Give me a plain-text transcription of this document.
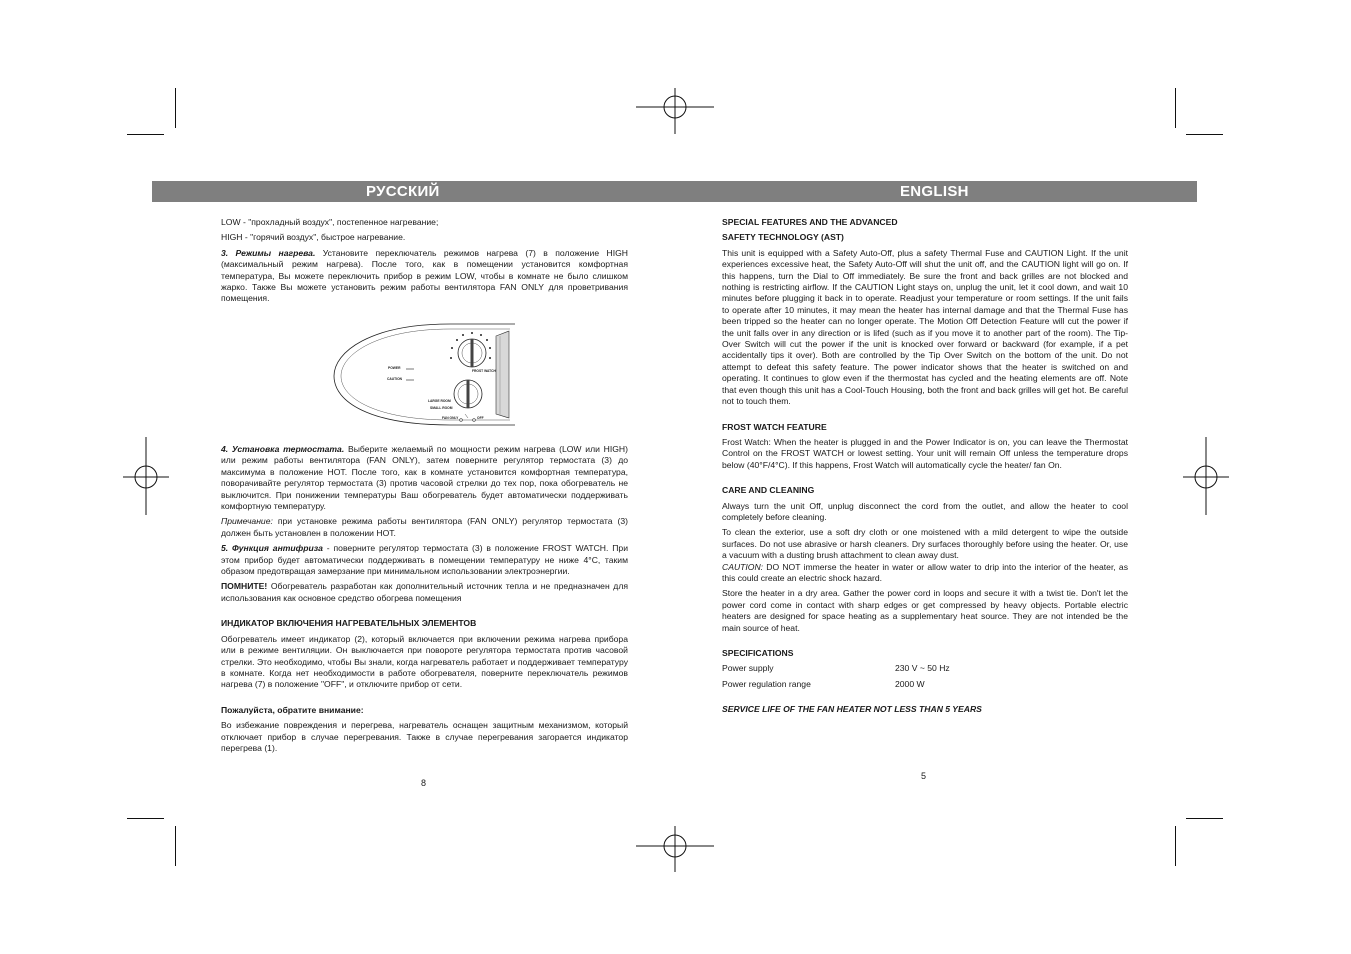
РУССКИЙ	ENGLISH

LOW - "прохладный воздух", постепенное нагревание;

HIGH - "горячий воздух", быстрое нагревание.

3. Режимы нагрева. Установите переключатель режимов нагрева (7) в положение HIGH (максимальный режим нагрева). После того, как в помещении установится комфортная температура, Вы можете переключить прибор в режим LOW, чтобы в комнате не было слишком жарко. Также Вы можете установить режим работы вентилятора FAN ONLY для проветривания помещения.

POWER
CAUTION
FROST WATCH
LARGE ROOM
SMALL ROOM
FAN ONLY	OFF

4. Установка термостата. Выберите желаемый по мощности режим нагрева (LOW или HIGH) или режим работы вентилятора (FAN ONLY), затем поверните регулятор термостата (3) до максимума в положение HOT. После того, как в комнате установится комфортная температура, поворачивайте регулятор термостата (3) против часовой стрелки до тех пор, пока обогреватель не выключится. При понижении температуры Ваш обогреватель будет автоматически поддерживать комфортную температуру.

Примечание: при установке режима работы вентилятора (FAN ONLY) регулятор термостата (3) должен быть установлен в положении HOT.

5. Функция антифриза - поверните регулятор термостата (3) в положение FROST WATCH. При этом прибор будет автоматически поддерживать в помещении температуру не ниже 4°С, таким образом предотвращая замерзание при минимальном использовании электроэнергии.

ПОМНИТЕ! Обогреватель разработан как дополнительный источник тепла и не предназначен для использования как основное средство обогрева помещения

ИНДИКАТОР ВКЛЮЧЕНИЯ НАГРЕВАТЕЛЬНЫХ ЭЛЕМЕНТОВ

Обогреватель имеет индикатор (2), который включается при включении режима нагрева прибора или в режиме вентиляции. Он выключается при повороте регулятора термостата против часовой стрелки. Это необходимо, чтобы Вы знали, когда нагреватель работает и поддерживает температуру в комнате. Когда нет необходимости в работе обогревателя, поверните переключатель режимов нагрева (7) в положение "OFF", и отключите прибор от сети.

Пожалуйста, обратите внимание:

Во избежание повреждения и перегрева, нагреватель оснащен защитным механизмом, который отключает прибор в случае перегревания. Также в случае перегревания загорается индикатор перегрева (1).

8
SPECIAL FEATURES AND THE ADVANCED
SAFETY TECHNOLOGY (AST)

This unit is equipped with a Safety Auto-Off, plus a safety Thermal Fuse and CAUTION Light. If the unit experiences excessive heat, the Safety Auto-Off will shut the unit off, and the CAUTION light will go on. If this happens, turn the Dial to Off immediately. Be sure the front and back grilles are not blocked and nothing is restricting airflow. If the CAUTION Light stays on, unplug the unit, let it cool down, and wait 10 minutes before plugging it back in to operate. Readjust your temperature or room settings. If the unit fails to operate after 10 minutes, it may mean the heater has internal damage and that the Thermal Fuse has been tripped so the heater can no longer operate. The Motion Off Detection Feature will cut the power if the unit falls over in any direction or is lifed (such as if you move it to another part of the room). The Tip-Over Switch will cut the power if the unit is knocked over forward or backward (for example, if a pet accidentally tips it over). Both are controlled by the Tip Over Switch on the bottom of the unit. Do not attempt to defeat this safety feature. The power indicator shows that the heater is switched on and operating. It continues to glow even if the thermostat has cycled and the heating elements are off. Note that even though this unit has a Cool-Touch Housing, both the front and back grilles will get hot. Be careful not to touch them.

FROST WATCH FEATURE

Frost Watch: When the heater is plugged in and the Power Indicator is on, you can leave the Thermostat Control on the FROST WATCH or lowest setting. Your unit will remain Off unless the temperature drops below (40°F/4°C). If this happens, Frost Watch will automatically cycle the heater/ fan On.

CARE AND CLEANING

Always turn the unit Off, unplug disconnect the cord from the outlet, and allow the heater to cool completely before cleaning.

To clean the exterior, use a soft dry cloth or one moistened with a mild detergent to wipe the outside surfaces. Do not use abrasive or harsh cleaners. Dry surfaces thoroughly before using the heater. Or, use a vacuum with a dusting brush attachment to clean away dust.

CAUTION: DO NOT immerse the heater in water or allow water to drip into the interior of the heater, as this could create an electric shock hazard.

Store the heater in a dry area. Gather the power cord in loops and secure it with a twist tie. Don't let the power cord come in contact with sharp edges or get compressed by heavy objects. Portable electric heaters are designed for space heating as a supplementary heat source. They are not intended be the main source of heat.

SPECIFICATIONS
Power supply	230 V ~ 50 Hz
Power regulation range	2000 W

SERVICE LIFE OF THE FAN HEATER NOT LESS THAN 5 YEARS

5
